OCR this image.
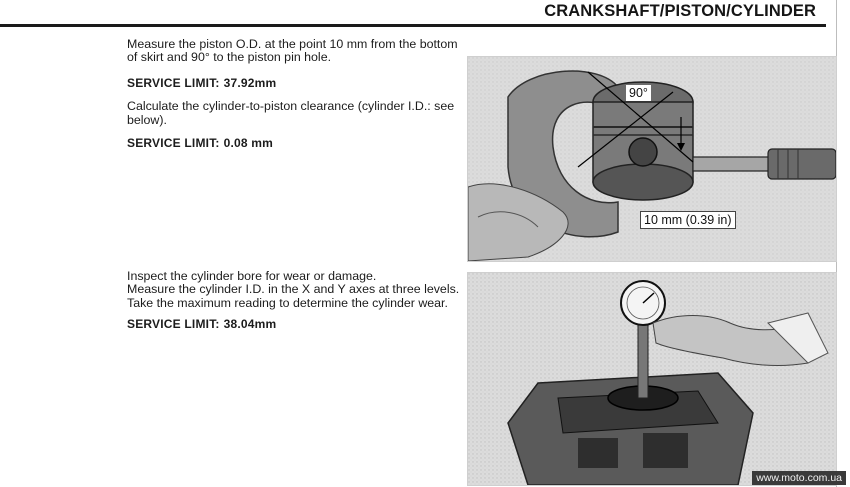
CRANKSHAFT/PISTON/CYLINDER

Measure the piston O.D. at the point 10 mm from the bottom of skirt and 90° to the piston pin hole.

SERVICE LIMIT: 37.92mm

Calculate the cylinder-to-piston clearance (cylinder I.D.: see below).

SERVICE LIMIT: 0.08 mm

90°
10 mm (0.39 in)

Inspect the cylinder bore for wear or damage.

Measure the cylinder I.D. in the X and Y axes at three levels.

Take the maximum reading to determine the cylinder wear.

SERVICE LIMIT: 38.04mm

www.moto.com.ua
